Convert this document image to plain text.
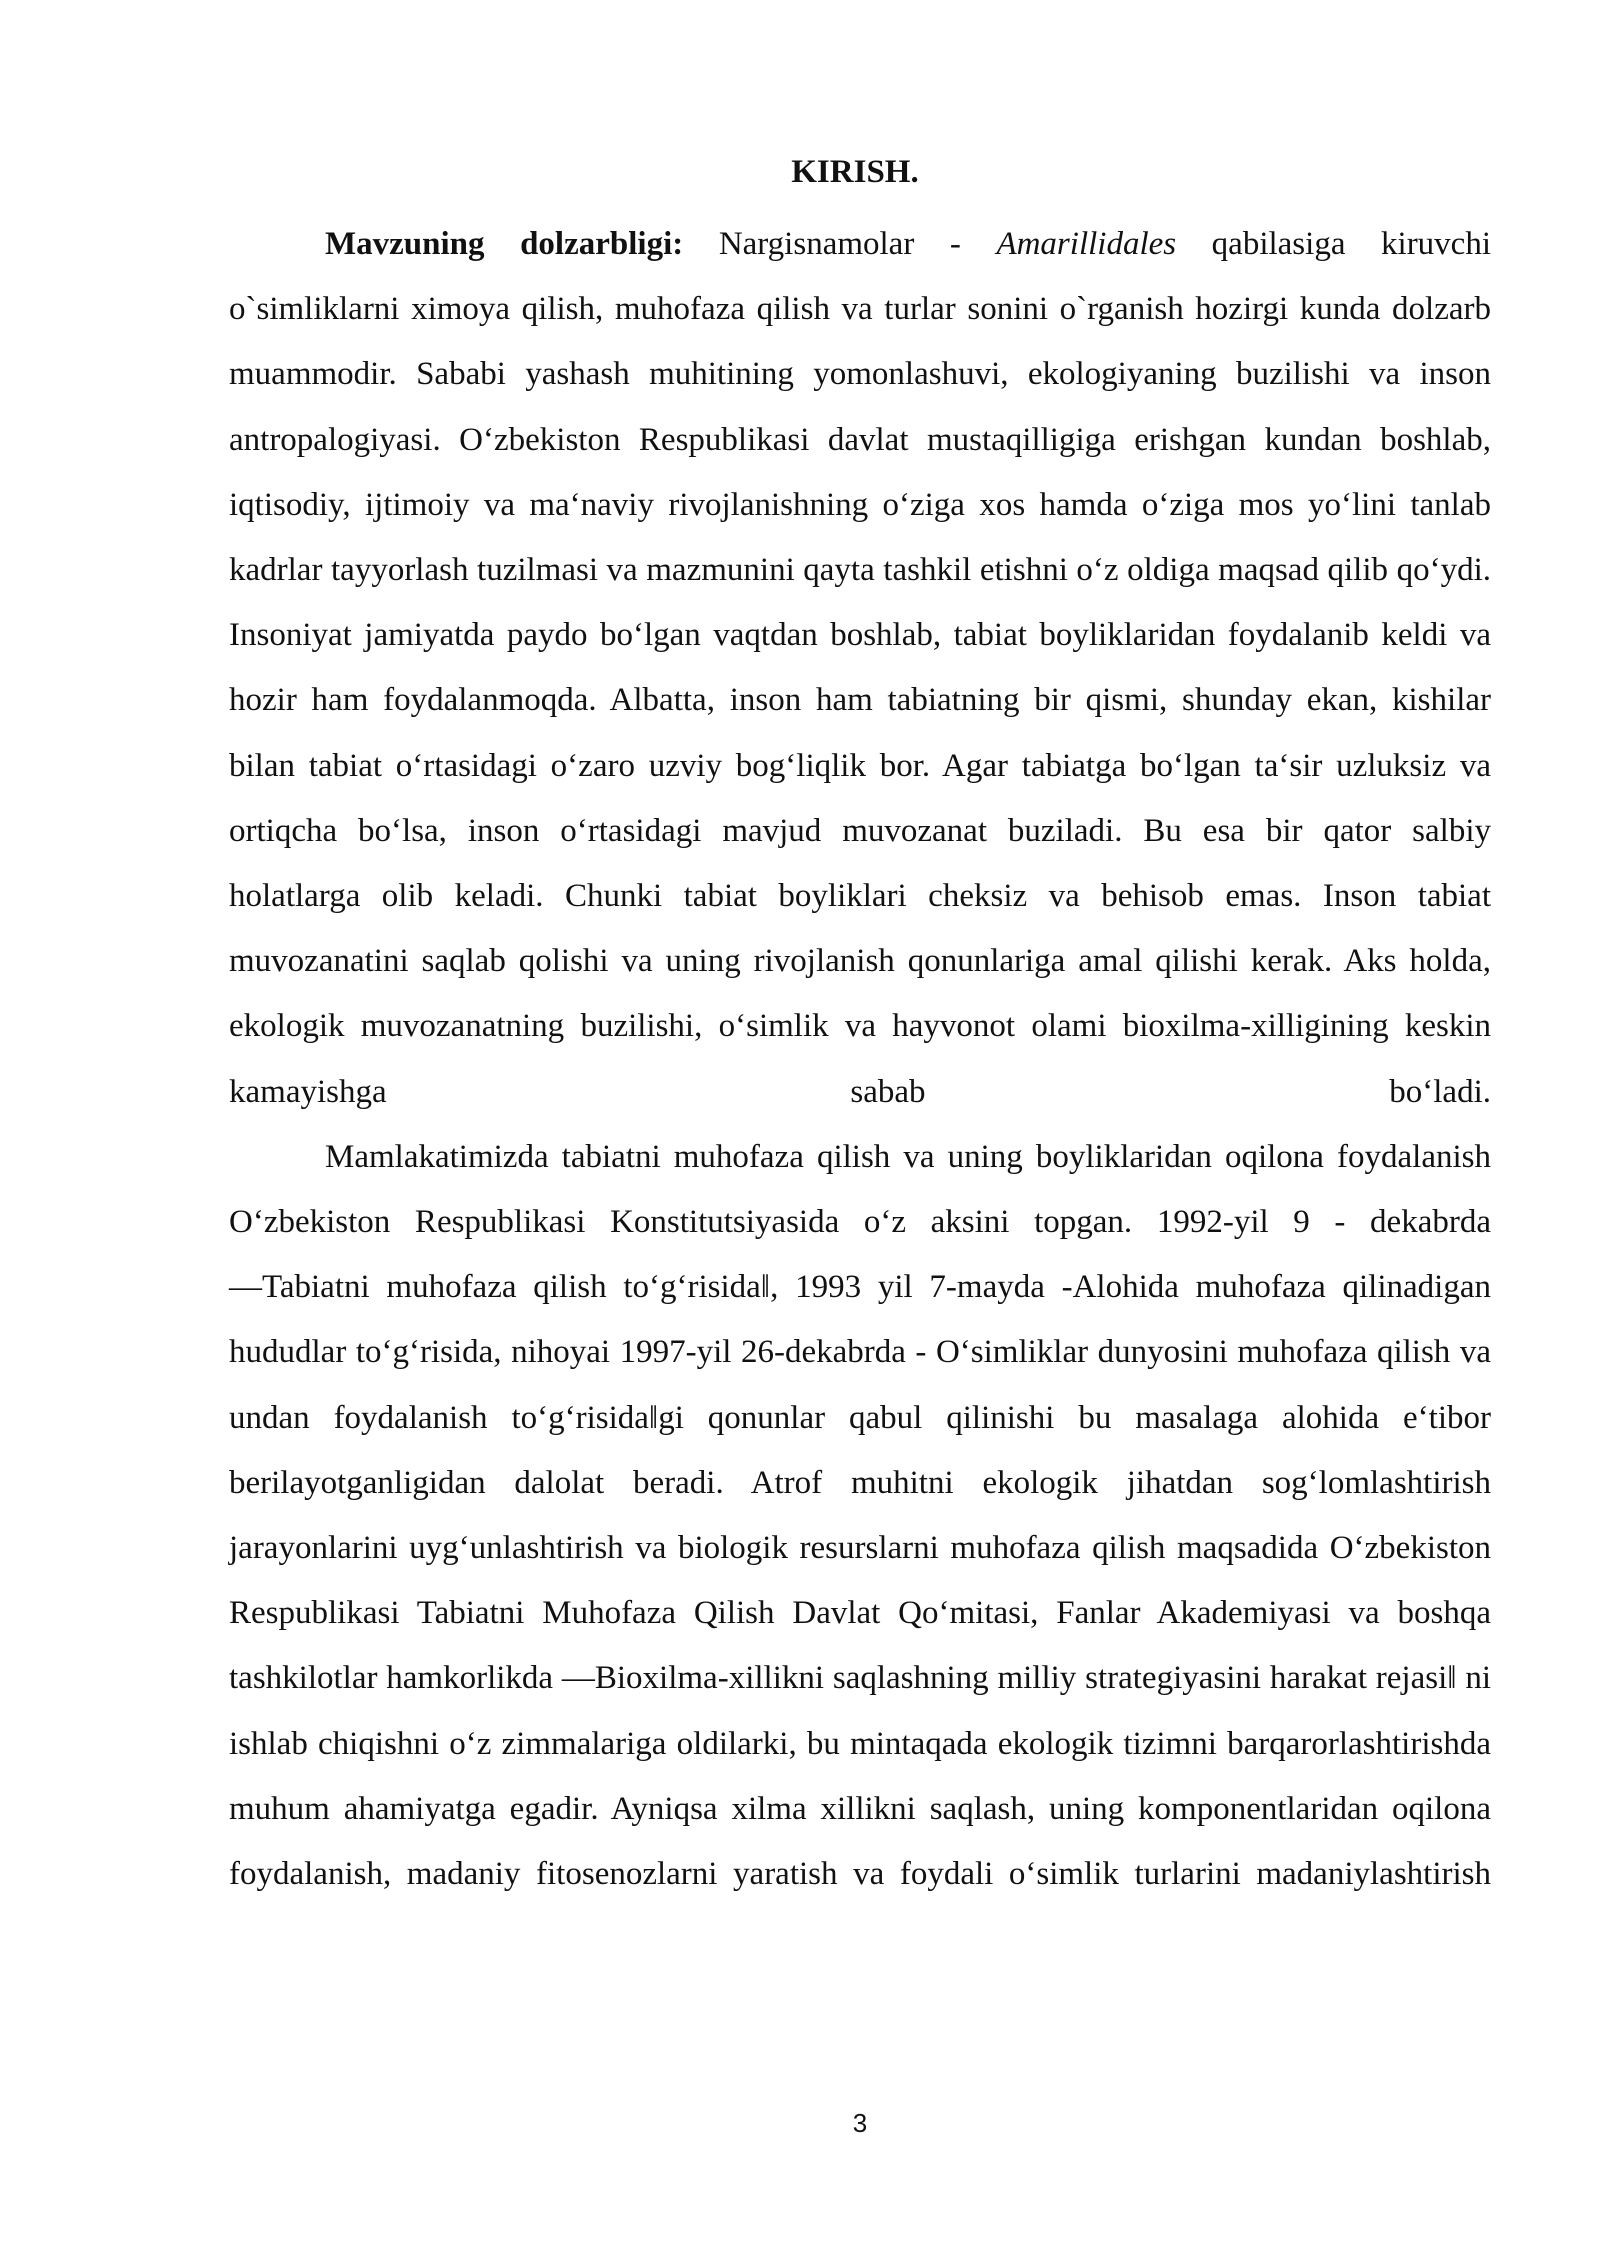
KIRISH.

Mavzuning dolzarbligi: Nargisnamolar - Amarillidales qabilasiga kiruvchi o`simliklarni ximoya qilish, muhofaza qilish va turlar sonini o`rganish hozirgi kunda dolzarb muammodir. Sababi yashash muhitining yomonlashuvi, ekologiyaning buzilishi va inson antropalogiyasi. O‘zbekiston Respublikasi davlat mustaqilligiga erishgan kundan boshlab, iqtisodiy, ijtimoiy va ma‘naviy rivojlanishning o‘ziga xos hamda o‘ziga mos yo‘lini tanlab kadrlar tayyorlash tuzilmasi va mazmunini qayta tashkil etishni o‘z oldiga maqsad qilib qo‘ydi. Insoniyat jamiyatda paydo bo‘lgan vaqtdan boshlab, tabiat boyliklaridan foydalanib keldi va hozir ham foydalanmoqda. Albatta, inson ham tabiatning bir qismi, shunday ekan, kishilar bilan tabiat o‘rtasidagi o‘zaro uzviy bog‘liqlik bor. Agar tabiatga bo‘lgan ta‘sir uzluksiz va ortiqcha bo‘lsa, inson o‘rtasidagi mavjud muvozanat buziladi. Bu esa bir qator salbiy holatlarga olib keladi. Chunki tabiat boyliklari cheksiz va behisob emas. Inson tabiat muvozanatini saqlab qolishi va uning rivojlanish qonunlariga amal qilishi kerak. Aks holda, ekologik muvozanatning buzilishi, o‘simlik va hayvonot olami bioxilma-xilligining keskin kamayishga sabab bo‘ladi.

Mamlakatimizda tabiatni muhofaza qilish va uning boyliklaridan oqilona foydalanish O‘zbekiston Respublikasi Konstitutsiyasida o‘z aksini topgan. 1992-yil 9 - dekabrda ―Tabiatni muhofaza qilish to‘g‘risida‖, 1993 yil 7-mayda -Alohida muhofaza qilinadigan hududlar to‘g‘risida, nihoyai 1997-yil 26-dekabrda - O‘simliklar dunyosini muhofaza qilish va undan foydalanish to‘g‘risida‖gi qonunlar qabul qilinishi bu masalaga alohida e‘tibor berilayotganligidan dalolat beradi. Atrof muhitni ekologik jihatdan sog‘lomlashtirish jarayonlarini uyg‘unlashtirish va biologik resurslarni muhofaza qilish maqsadida O‘zbekiston Respublikasi Tabiatni Muhofaza Qilish Davlat Qo‘mitasi, Fanlar Akademiyasi va boshqa tashkilotlar hamkorlikda ―Bioxilma-xillikni saqlashning milliy strategiyasini harakat rejasi‖ ni ishlab chiqishni o‘z zimmalariga oldilarki, bu mintaqada ekologik tizimni barqarorlashtirishda muhum ahamiyatga egadir. Ayniqsa xilma xillikni saqlash, uning komponentlaridan oqilona foydalanish, madaniy fitosenozlarni yaratish va foydali o‘simlik turlarini madaniylashtirish

3
